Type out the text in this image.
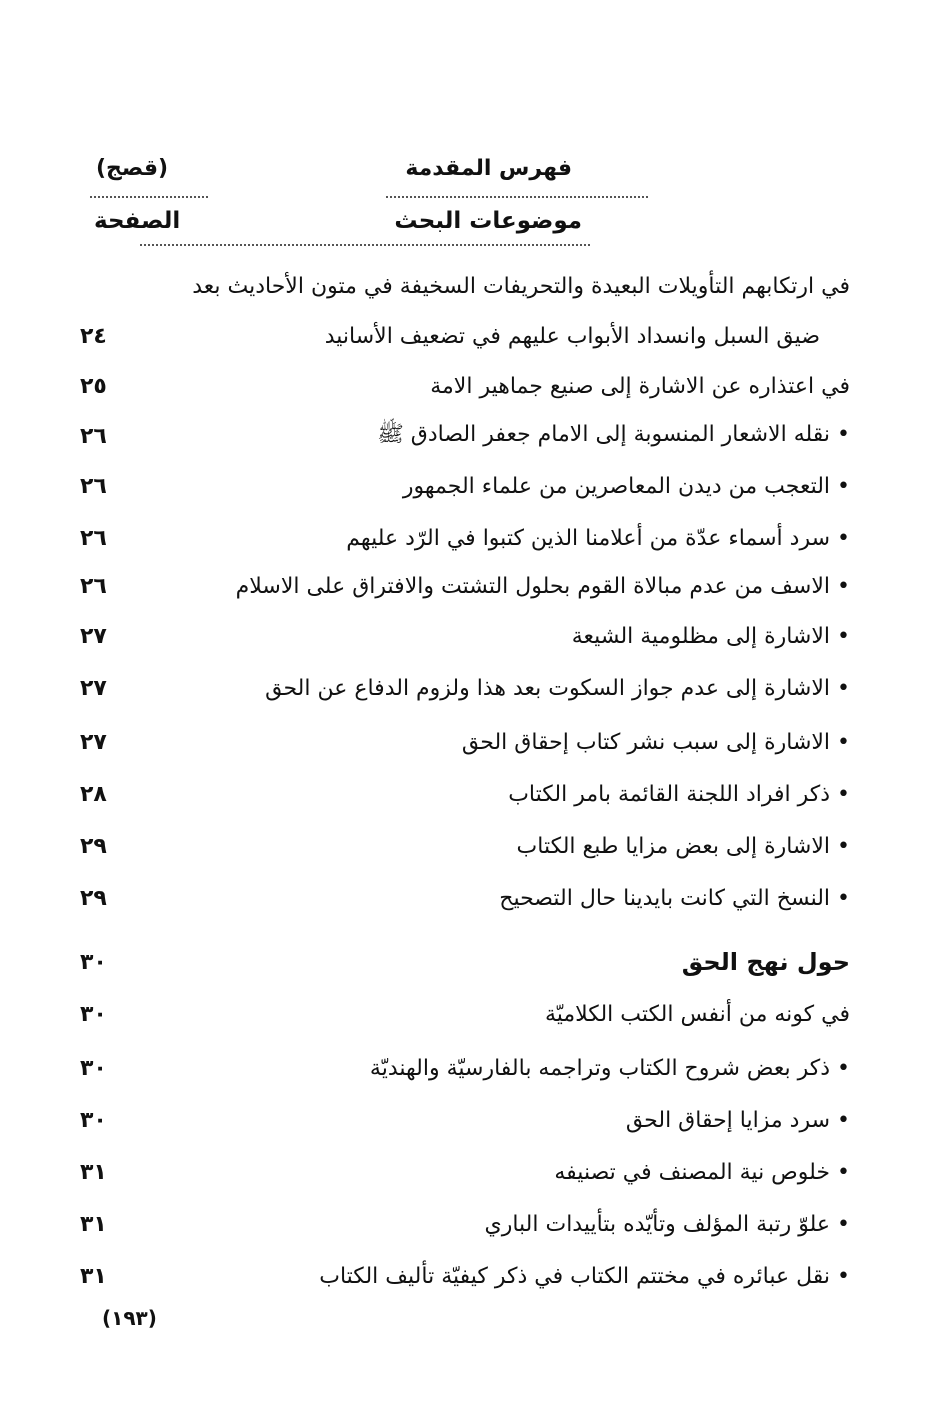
فهرس المقدمة
(قصج)
موضوعات البحث
الصفحة
في ارتكابهم التأويلات البعيدة والتحريفات السخيفة في متون الأحاديث بعد
ضيق السبل وانسداد الأبواب عليهم في تضعيف الأسانيد
٢٤
في اعتذاره عن الاشارة إلى صنيع جماهير الامة
٢٥
• نقله الاشعار المنسوبة إلى الامام جعفر الصادق ﷺ
٢٦
• التعجب من ديدن المعاصرين من علماء الجمهور
٢٦
• سرد أسماء عدّة من أعلامنا الذين كتبوا في الرّد عليهم
٢٦
• الاسف من عدم مبالاة القوم بحلول التشتت والافتراق على الاسلام
٢٦
• الاشارة إلى مظلومية الشيعة
٢٧
• الاشارة إلى عدم جواز السكوت بعد هذا ولزوم الدفاع عن الحق
٢٧
• الاشارة إلى سبب نشر كتاب إحقاق الحق
٢٧
• ذكر افراد اللجنة القائمة بامر الكتاب
٢٨
• الاشارة إلى بعض مزايا طبع الكتاب
٢٩
• النسخ التي كانت بايدينا حال التصحيح
٢٩
حول نهج الحق
٣٠
في كونه من أنفس الكتب الكلاميّة
٣٠
• ذكر بعض شروح الكتاب وتراجمه بالفارسيّة والهنديّة
٣٠
• سرد مزايا إحقاق الحق
٣٠
• خلوص نية المصنف في تصنيفه
٣١
• علوّ رتبة المؤلف وتأيّده بتأييدات الباري
٣١
• نقل عبائره في مختتم الكتاب في ذكر كيفيّة تأليف الكتاب
٣١
(١٩٣)
